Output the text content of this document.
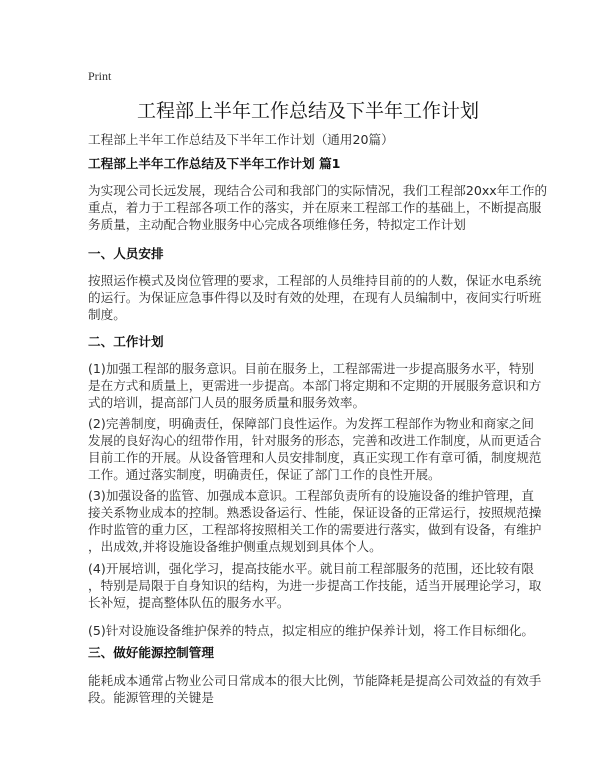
Print
工程部上半年工作总结及下半年工作计划
工程部上半年工作总结及下半年工作计划（通用20篇）
工程部上半年工作总结及下半年工作计划 篇1
为实现公司长远发展，现结合公司和我部门的实际情况，我们工程部20xx年工作的
重点，着力于工程部各项工作的落实，并在原来工程部工作的基础上，不断提高服
务质量，主动配合物业服务中心完成各项维修任务，特拟定工作计划
一、人员安排
按照运作模式及岗位管理的要求，工程部的人员维持目前的的人数，保证水电系统
的运行。为保证应急事件得以及时有效的处理，在现有人员编制中，夜间实行听班
制度。
二、工作计划
(1)加强工程部的服务意识。目前在服务上，工程部需进一步提高服务水平，特别
是在方式和质量上，更需进一步提高。本部门将定期和不定期的开展服务意识和方
式的培训，提高部门人员的服务质量和服务效率。
(2)完善制度，明确责任，保障部门良性运作。为发挥工程部作为物业和商家之间
发展的良好沟心的纽带作用，针对服务的形态，完善和改进工作制度，从而更适合
目前工作的开展。从设备管理和人员安排制度，真正实现工作有章可循，制度规范
工作。通过落实制度，明确责任，保证了部门工作的良性开展。
(3)加强设备的监管、加强成本意识。工程部负责所有的设施设备的维护管理，直
接关系物业成本的控制。熟悉设备运行、性能，保证设备的正常运行，按照规范操
作时监管的重力区，工程部将按照相关工作的需要进行落实，做到有设备，有维护
，出成效,并将设施设备维护侧重点规划到具体个人。
(4)开展培训，强化学习，提高技能水平。就目前工程部服务的范围，还比较有限
，特别是局限于自身知识的结构，为进一步提高工作技能，适当开展理论学习，取
长补短，提高整体队伍的服务水平。
(5)针对设施设备维护保养的特点，拟定相应的维护保养计划，将工作目标细化。
三、做好能源控制管理
能耗成本通常占物业公司日常成本的很大比例，节能降耗是提高公司效益的有效手
段。能源管理的关键是
